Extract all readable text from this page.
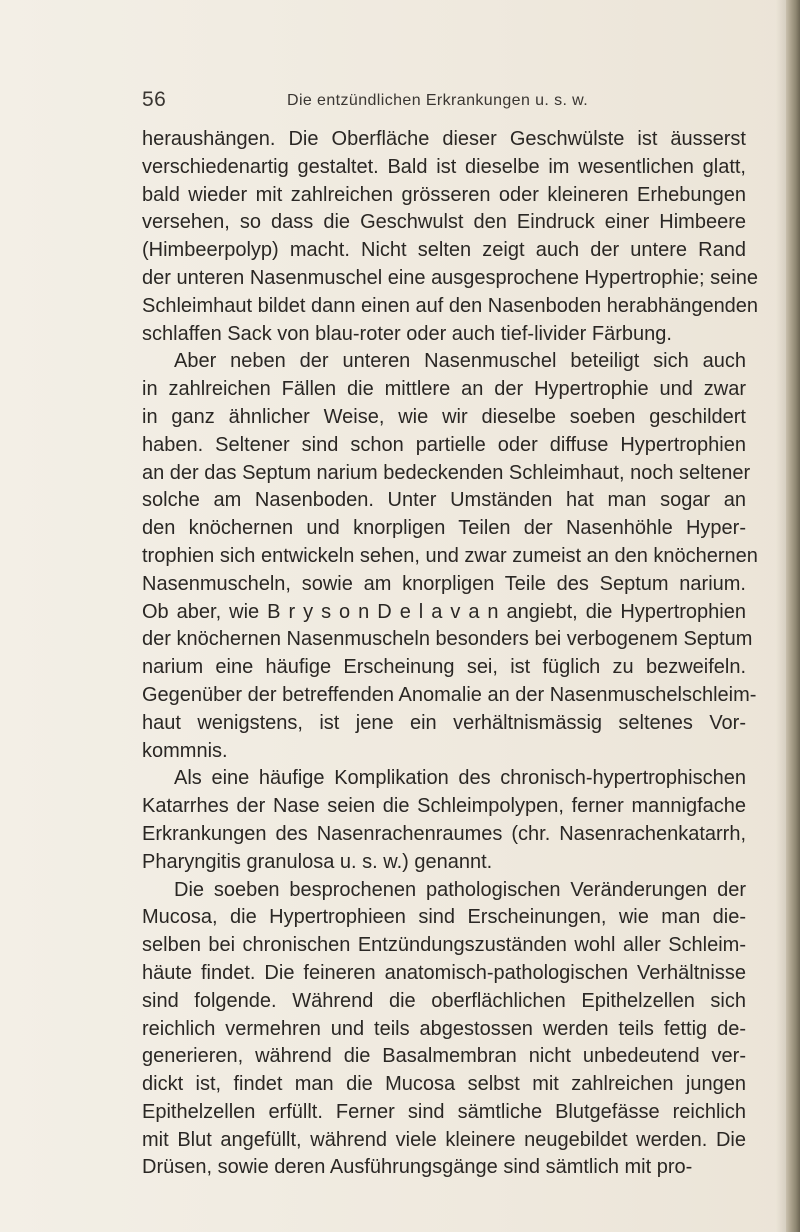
56	Die entzündlichen Erkrankungen u. s. w.
heraushängen. Die Oberfläche dieser Geschwülste ist äusserst
verschiedenartig gestaltet. Bald ist dieselbe im wesentlichen glatt,
bald wieder mit zahlreichen grösseren oder kleineren Erhebungen
versehen, so dass die Geschwulst den Eindruck einer Himbeere
(Himbeerpolyp) macht. Nicht selten zeigt auch der untere Rand
der unteren Nasenmuschel eine ausgesprochene Hypertrophie; seine
Schleimhaut bildet dann einen auf den Nasenboden herabhängenden
schlaffen Sack von blau-roter oder auch tief-livider Färbung.
Aber neben der unteren Nasenmuschel beteiligt sich auch
in zahlreichen Fällen die mittlere an der Hypertrophie und zwar
in ganz ähnlicher Weise, wie wir dieselbe soeben geschildert
haben. Seltener sind schon partielle oder diffuse Hypertrophien
an der das Septum narium bedeckenden Schleimhaut, noch seltener
solche am Nasenboden. Unter Umständen hat man sogar an
den knöchernen und knorpligen Teilen der Nasenhöhle Hyper-
trophien sich entwickeln sehen, und zwar zumeist an den knöchernen
Nasenmuscheln, sowie am knorpligen Teile des Septum narium.
Ob aber, wie B r y s o n D e l a v a n angiebt, die Hypertrophien
der knöchernen Nasenmuscheln besonders bei verbogenem Septum
narium eine häufige Erscheinung sei, ist füglich zu bezweifeln.
Gegenüber der betreffenden Anomalie an der Nasenmuschelschleim-
haut wenigstens, ist jene ein verhältnismässig seltenes Vor-
kommnis.
Als eine häufige Komplikation des chronisch-hypertrophischen
Katarrhes der Nase seien die Schleimpolypen, ferner mannigfache
Erkrankungen des Nasenrachenraumes (chr. Nasenrachenkatarrh,
Pharyngitis granulosa u. s. w.) genannt.
Die soeben besprochenen pathologischen Veränderungen der
Mucosa, die Hypertrophieen sind Erscheinungen, wie man die-
selben bei chronischen Entzündungszuständen wohl aller Schleim-
häute findet. Die feineren anatomisch-pathologischen Verhältnisse
sind folgende. Während die oberflächlichen Epithelzellen sich
reichlich vermehren und teils abgestossen werden teils fettig de-
generieren, während die Basalmembran nicht unbedeutend ver-
dickt ist, findet man die Mucosa selbst mit zahlreichen jungen
Epithelzellen erfüllt. Ferner sind sämtliche Blutgefässe reichlich
mit Blut angefüllt, während viele kleinere neugebildet werden. Die
Drüsen, sowie deren Ausführungsgänge sind sämtlich mit pro-
